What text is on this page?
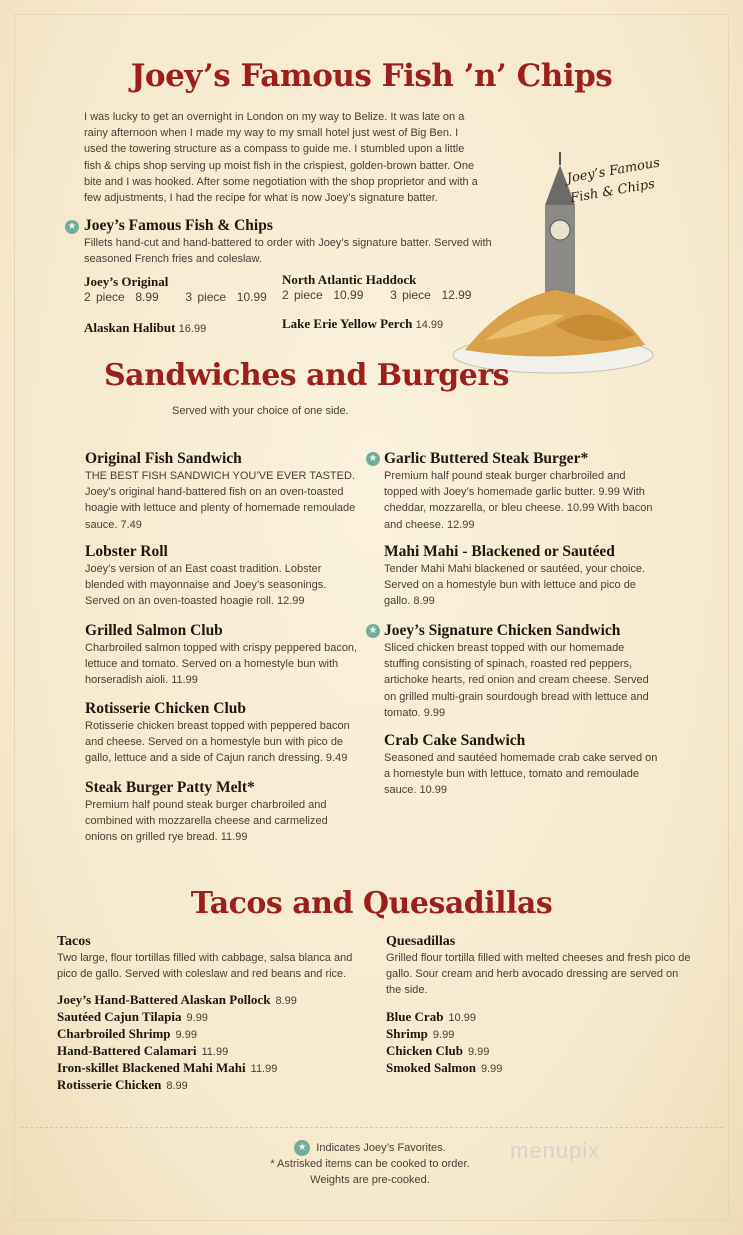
Joey’s Famous Fish ’n’ Chips
I was lucky to get an overnight in London on my way to Belize. It was late on a rainy afternoon when I made my way to my small hotel just west of Big Ben. I used the towering structure as a compass to guide me. I stumbled upon a little fish & chips shop serving up moist fish in the crispiest, golden-brown batter. One bite and I was hooked. After some negotiation with the shop proprietor and with a few adjustments, I had the recipe for what is now Joey’s signature batter.
★ Joey’s Famous Fish & Chips
Fillets hand-cut and hand-battered to order with Joey’s signature batter. Served with seasoned French fries and coleslaw.
Joey’s Original
2 piece 8.99 3 piece 10.99
North Atlantic Haddock
2 piece 10.99 3 piece 12.99
Alaskan Halibut 16.99	Lake Erie Yellow Perch 14.99
Joey’s Famous Fish & Chips
Sandwiches and Burgers
Served with your choice of one side.
Original Fish Sandwich
THE BEST FISH SANDWICH YOU’VE EVER TASTED. Joey’s original hand-battered fish on an oven-toasted hoagie with lettuce and plenty of homemade remoulade sauce. 7.49
Lobster Roll
Joey’s version of an East coast tradition. Lobster blended with mayonnaise and Joey’s seasonings. Served on an oven-toasted hoagie roll. 12.99
Grilled Salmon Club
Charbroiled salmon topped with crispy peppered bacon, lettuce and tomato. Served on a homestyle bun with horseradish aioli. 11.99
Rotisserie Chicken Club
Rotisserie chicken breast topped with peppered bacon and cheese. Served on a homestyle bun with pico de gallo, lettuce and a side of Cajun ranch dressing. 9.49
Steak Burger Patty Melt*
Premium half pound steak burger charbroiled and combined with mozzarella cheese and carmelized onions on grilled rye bread. 11.99
★ Garlic Buttered Steak Burger*
Premium half pound steak burger charbroiled and topped with Joey’s homemade garlic butter. 9.99 With cheddar, mozzarella, or bleu cheese. 10.99 With bacon and cheese. 12.99
Mahi Mahi - Blackened or Sautéed
Tender Mahi Mahi blackened or sautéed, your choice. Served on a homestyle bun with lettuce and pico de gallo. 8.99
★ Joey’s Signature Chicken Sandwich
Sliced chicken breast topped with our homemade stuffing consisting of spinach, roasted red peppers, artichoke hearts, red onion and cream cheese. Served on grilled multi-grain sourdough bread with lettuce and tomato. 9.99
Crab Cake Sandwich
Seasoned and sautéed homemade crab cake served on a homestyle bun with lettuce, tomato and remoulade sauce. 10.99
Tacos and Quesadillas
Tacos
Two large, flour tortillas filled with cabbage, salsa blanca and pico de gallo. Served with coleslaw and red beans and rice.
Joey’s Hand-Battered Alaskan Pollock 8.99
Sautéed Cajun Tilapia 9.99
Charbroiled Shrimp 9.99
Hand-Battered Calamari 11.99
Iron-skillet Blackened Mahi Mahi 11.99
Rotisserie Chicken 8.99
Quesadillas
Grilled flour tortilla filled with melted cheeses and fresh pico de gallo. Sour cream and herb avocado dressing are served on the side.
Blue Crab 10.99
Shrimp 9.99
Chicken Club 9.99
Smoked Salmon 9.99
★ Indicates Joey’s Favorites.
* Astrisked items can be cooked to order.
Weights are pre-cooked.
menupix
